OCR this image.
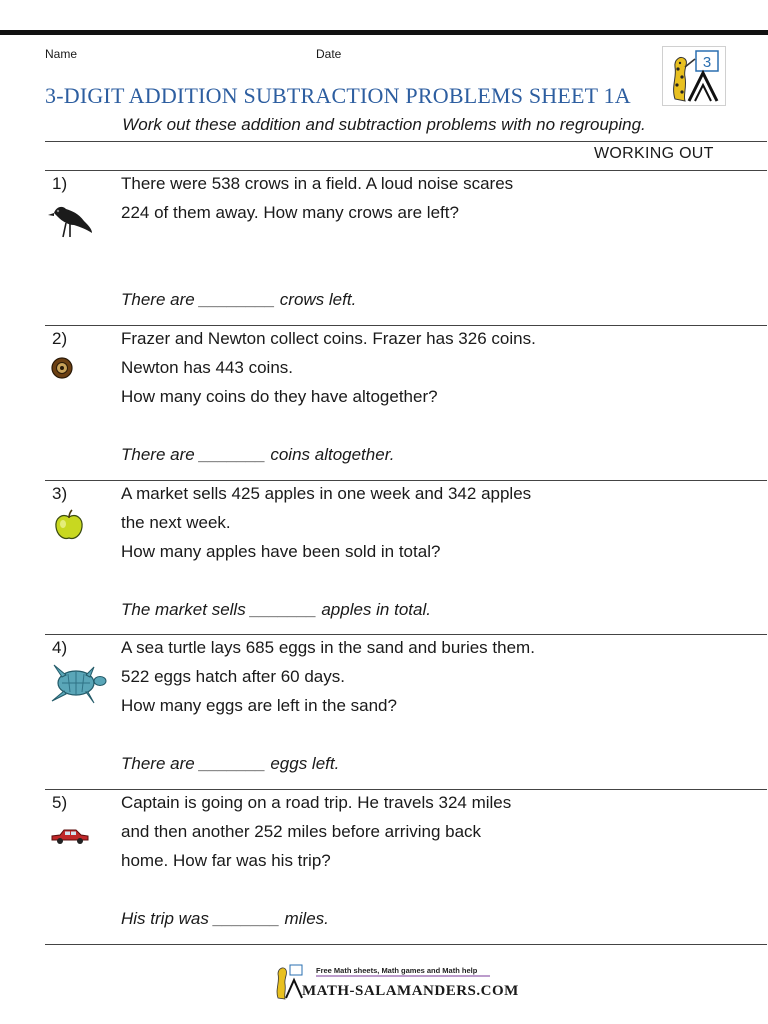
Name	Date
3-DIGIT ADDITION SUBTRACTION PROBLEMS SHEET 1A
3
Work out these addition and subtraction problems with no regrouping.
WORKING OUT
1)	There were 538 crows in a field. A loud noise scares
224 of them away. How many crows are left?
There are ________ crows left.
2)	Frazer and Newton collect coins. Frazer has 326 coins.
Newton has 443 coins.
How many coins do they have altogether?
There are _______ coins altogether.
3)	A market sells 425 apples in one week and 342 apples
the next week.
How many apples have been sold in total?
The market sells _______ apples in total.
4)	A sea turtle lays 685 eggs in the sand and buries them.
522 eggs hatch after 60 days.
How many eggs are left in the sand?
There are _______ eggs left.
5)	Captain is going on a road trip. He travels 324 miles
and then another 252 miles before arriving back
home. How far was his trip?
His trip was _______ miles.
Free Math sheets, Math games and Math help
MATH-SALAMANDERS.COM
